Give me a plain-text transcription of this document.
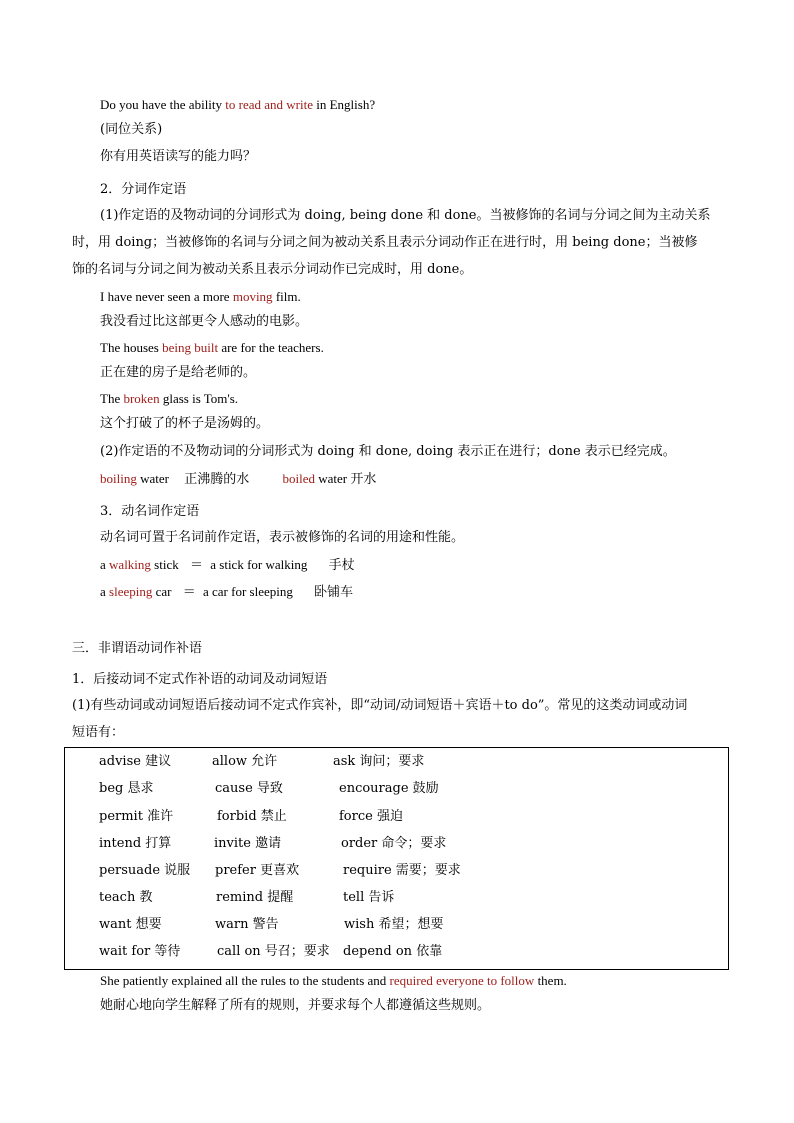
Do you have the ability to read and write in English?
(同位关系)
你有用英语读写的能力吗？
2．分词作定语
(1)作定语的及物动词的分词形式为 doing, being done 和 done。当被修饰的名词与分词之间为主动关系
时，用 doing；当被修饰的名词与分词之间为被动关系且表示分词动作正在进行时，用 being done；当被修
饰的名词与分词之间为被动关系且表示分词动作已完成时，用 done。
I have never seen a more moving film.
我没看过比这部更令人感动的电影。
The houses being built are for the teachers.
正在建的房子是给老师的。
The broken glass is Tom's.
这个打破了的杯子是汤姆的。
(2)作定语的不及物动词的分词形式为 doing 和 done, doing 表示正在进行；done 表示已经完成。
boiling water 正沸腾的水	boiled water 开水
3．动名词作定语
动名词可置于名词前作定语，表示被修饰的名词的用途和性能。
a walking stick ＝ a stick for walking 手杖
a sleeping car ＝ a car for sleeping 卧铺车
三．非谓语动词作补语
1．后接动词不定式作补语的动词及动词短语
(1)有些动词或动词短语后接动词不定式作宾补，即“动词/动词短语＋宾语＋to do”。常见的这类动词或动词
短语有：
advise 建议	allow 允许	ask 询问；要求
beg 恳求	cause 导致	encourage 鼓励
permit 准许	forbid 禁止	force 强迫
intend 打算	invite 邀请	order 命令；要求
persuade 说服 prefer 更喜欢	require 需要；要求
teach 教	remind 提醒	tell 告诉
want 想要	warn 警告	wish 希望；想要
wait for 等待	call on 号召；要求 depend on 依靠
She patiently explained all the rules to the students and required everyone to follow them.
她耐心地向学生解释了所有的规则，并要求每个人都遵循这些规则。
